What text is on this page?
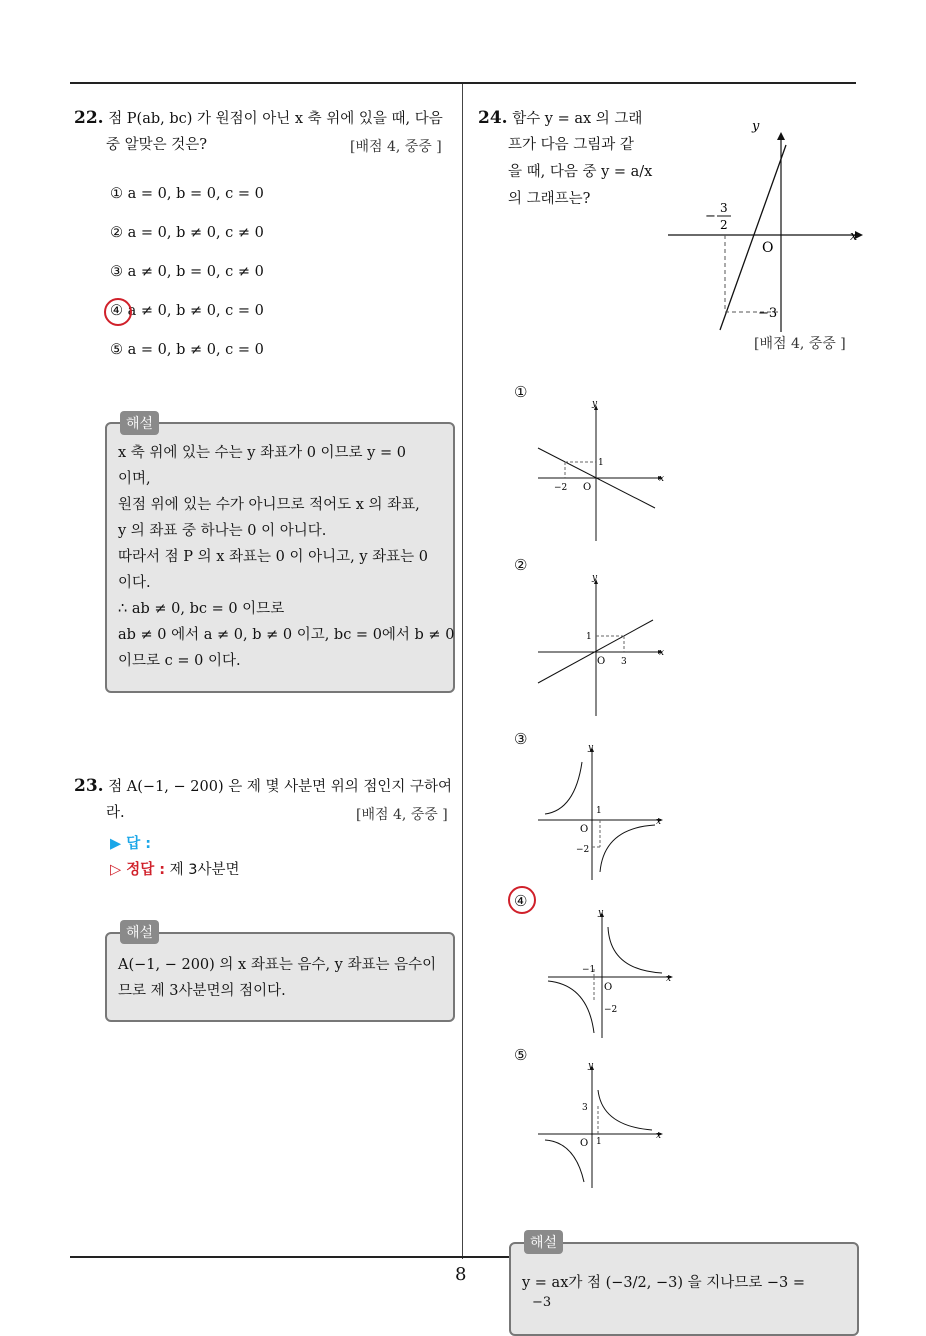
8
22. 점 P(ab, bc) 가 원점이 아닌 x 축 위에 있을 때, 다음
중 알맞은 것은?	[배점 4, 중중 ]
① a = 0, b = 0, c = 0
② a = 0, b ≠ 0, c ≠ 0
③ a ≠ 0, b = 0, c ≠ 0
④ a ≠ 0, b ≠ 0, c = 0
⑤ a = 0, b ≠ 0, c = 0
해설
x 축 위에 있는 수는 y 좌표가 0 이므로 y = 0
이며,
원점 위에 있는 수가 아니므로 적어도 x 의 좌표,
y 의 좌표 중 하나는 0 이 아니다.
따라서 점 P 의 x 좌표는 0 이 아니고, y 좌표는 0
이다.
∴ ab ≠ 0, bc = 0 이므로
ab ≠ 0 에서 a ≠ 0, b ≠ 0 이고, bc = 0에서 b ≠ 0
이므로 c = 0 이다.
23. 점 A(−1, − 200) 은 제 몇 사분면 위의 점인지 구하여
라.	[배점 4, 중중 ]
▶ 답 :
▷ 정답 : 제 3사분면
해설
A(−1, − 200) 의 x 좌표는 음수, y 좌표는 음수이
므로 제 3사분면의 점이다.
24. 함수 y = ax 의 그래
프가 다음 그림과 같
을 때, 다음 중 y = a/x
의 그래프는?
y
x
O
−
3
2
−3
[배점 4, 중중 ]
①
y
x
O
−2
1
②
y
x
O
1
3
③	y
x
O
1
−2
④
y
x
O
−1
−2
⑤
y
x
O
3
1
해설
y = ax가 점 (−3/2, −3) 을 지나므로 −3 =
−3
